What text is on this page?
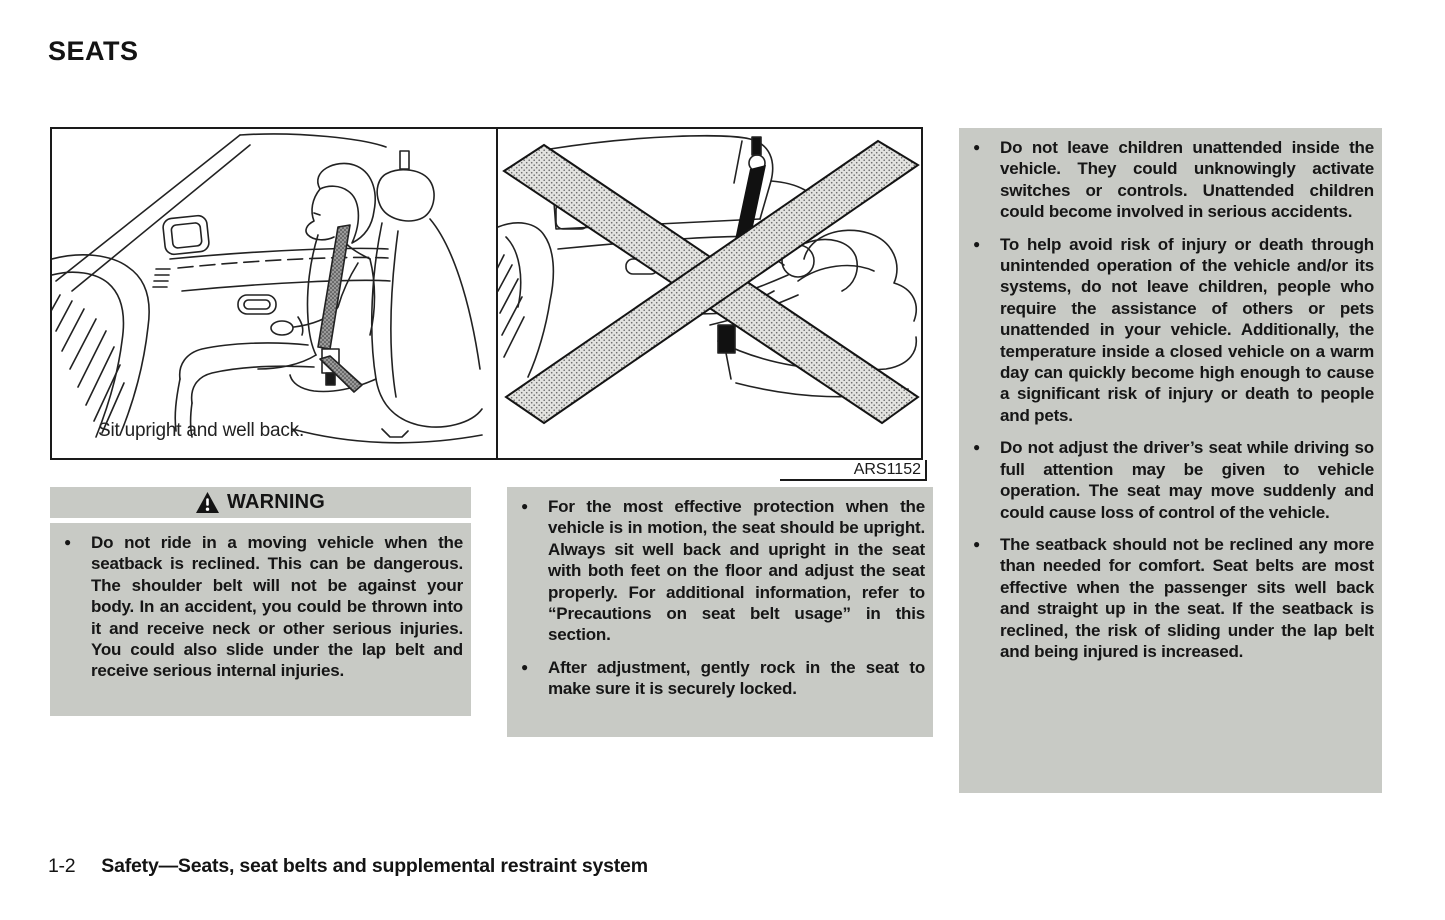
SEATS
Sit upright and well back.
ARS1152
WARNING
●	Do not ride in a moving vehicle when the seatback is reclined. This can be dangerous. The shoulder belt will not be against your body. In an accident, you could be thrown into it and receive neck or other serious injuries. You could also slide under the lap belt and receive serious internal injuries.
●	For the most effective protection when the vehicle is in motion, the seat should be upright. Always sit well back and upright in the seat with both feet on the floor and adjust the seat properly. For additional information, refer to “Precautions on seat belt usage” in this section.
●	After adjustment, gently rock in the seat to make sure it is securely locked.
●	Do not leave children unattended inside the vehicle. They could unknowingly activate switches or controls. Unattended children could become involved in serious accidents.
●	To help avoid risk of injury or death through unintended operation of the vehicle and/or its systems, do not leave children, people who require the assistance of others or pets unattended in your vehicle. Additionally, the temperature inside a closed vehicle on a warm day can quickly become high enough to cause a significant risk of injury or death to people and pets.
●	Do not adjust the driver’s seat while driving so full attention may be given to vehicle operation. The seat may move suddenly and could cause loss of control of the vehicle.
●	The seatback should not be reclined any more than needed for comfort. Seat belts are most effective when the passenger sits well back and straight up in the seat. If the seatback is reclined, the risk of sliding under the lap belt and being injured is increased.
1-2 Safety—Seats, seat belts and supplemental restraint system
